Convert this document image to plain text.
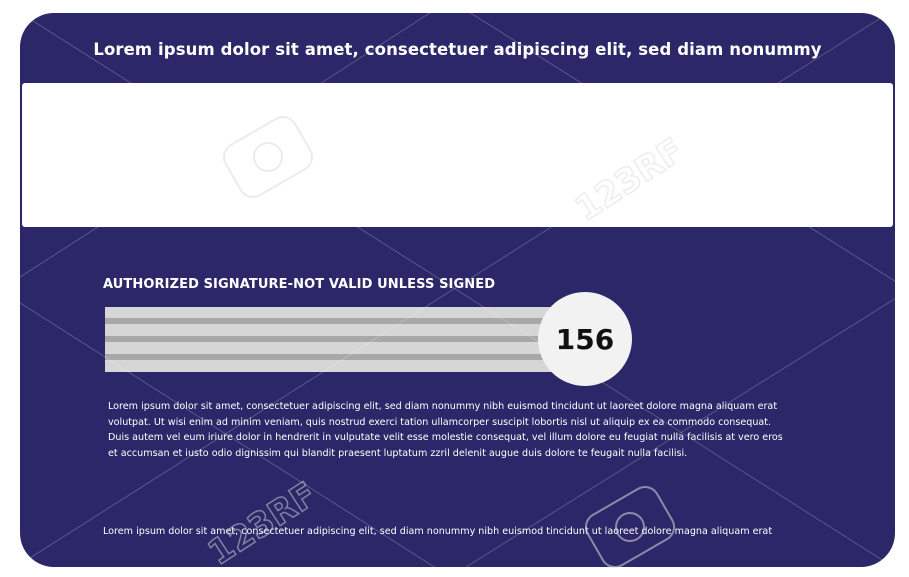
Lorem ipsum dolor sit amet, consectetuer adipiscing elit, sed diam nonummy
AUTHORIZED SIGNATURE-NOT VALID UNLESS SIGNED
156
Lorem ipsum dolor sit amet, consectetuer adipiscing elit, sed diam nonummy nibh euismod tincidunt ut laoreet dolore magna aliquam erat
volutpat. Ut wisi enim ad minim veniam, quis nostrud exerci tation ullamcorper suscipit lobortis nisl ut aliquip ex ea commodo consequat.
Duis autem vel eum iriure dolor in hendrerit in vulputate velit esse molestie consequat, vel illum dolore eu feugiat nulla facilisis at vero eros
et accumsan et iusto odio dignissim qui blandit praesent luptatum zzril delenit augue duis dolore te feugait nulla facilisi.
Lorem ipsum dolor sit amet, consectetuer adipiscing elit, sed diam nonummy nibh euismod tincidunt ut laoreet dolore magna aliquam erat
123RF
123RF
